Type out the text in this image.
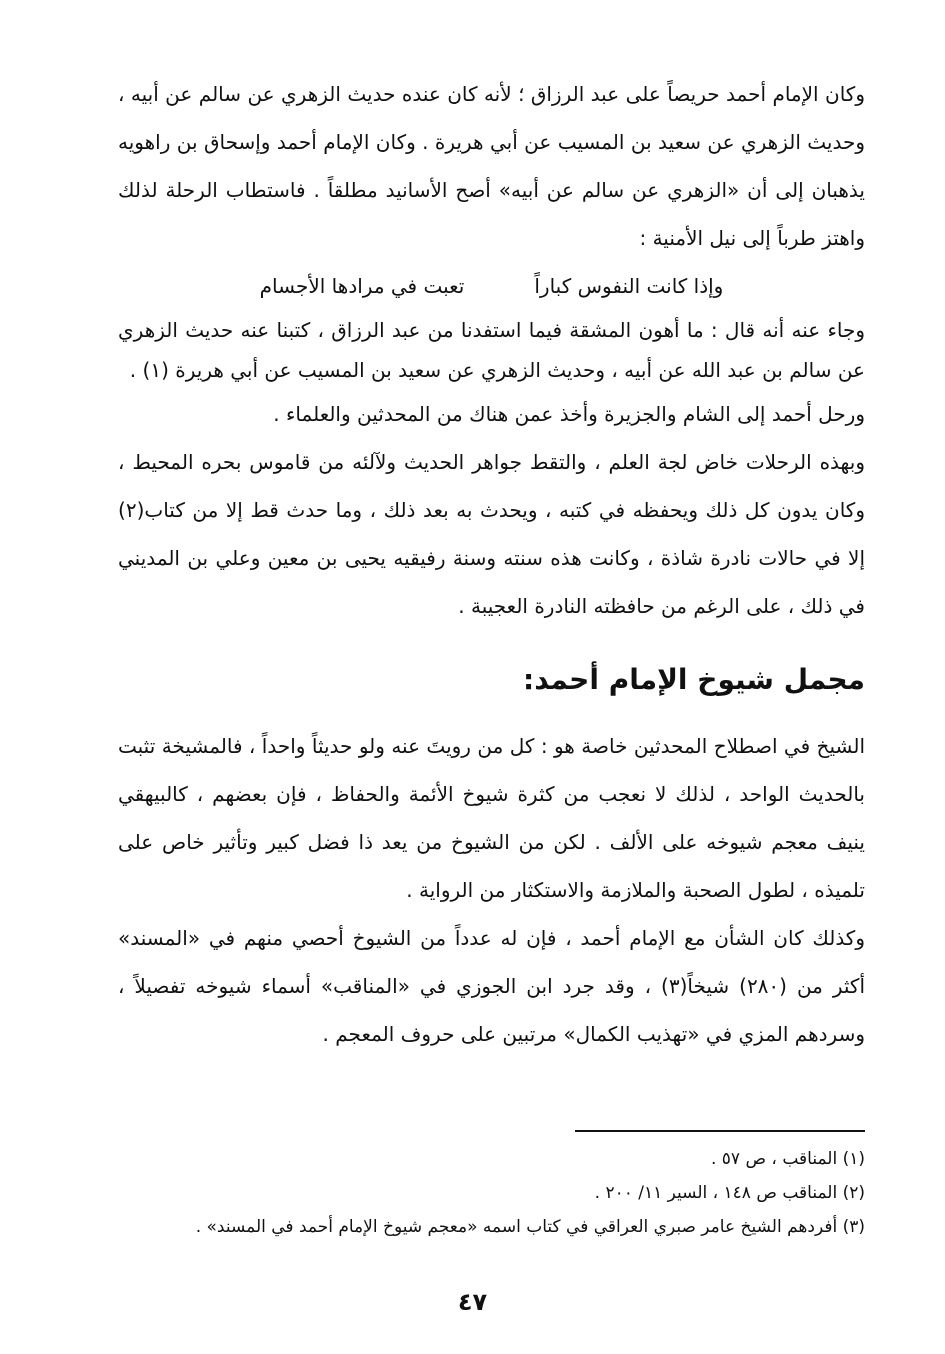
وكان الإمام أحمد حريصاً على عبد الرزاق ؛ لأنه كان عنده حديث الزهري عن سالم عن أبيه ، وحديث الزهري عن سعيد بن المسيب عن أبي هريرة . وكان الإمام أحمد وإسحاق بن راهويه يذهبان إلى أن «الزهري عن سالم عن أبيه» أصح الأسانيد مطلقاً . فاستطاب الرحلة لذلك واهتز طرباً إلى نيل الأمنية :

وإذا كانت النفوس كباراً
تعبت في مرادها الأجسام

وجاء عنه أنه قال : ما أهون المشقة فيما استفدنا من عبد الرزاق ، كتبنا عنه حديث الزهري عن سالم بن عبد الله عن أبيه ، وحديث الزهري عن سعيد بن المسيب عن أبي هريرة (١) .

ورحل أحمد إلى الشام والجزيرة وأخذ عمن هناك من المحدثين والعلماء .

وبهذه الرحلات خاض لجة العلم ، والتقط جواهر الحديث ولآلئه من قاموس بحره المحيط ، وكان يدون كل ذلك ويحفظه في كتبه ، ويحدث به بعد ذلك ، وما حدث قط إلا من كتاب(٢) إلا في حالات نادرة شاذة ، وكانت هذه سنته وسنة رفيقيه يحيى بن معين وعلي بن المديني في ذلك ، على الرغم من حافظته النادرة العجيبة .

مجمل شيوخ الإمام أحمد:

الشيخ في اصطلاح المحدثين خاصة هو : كل من رويتَ عنه ولو حديثاً واحداً ، فالمشيخة تثبت بالحديث الواحد ، لذلك لا نعجب من كثرة شيوخ الأئمة والحفاظ ، فإن بعضهم ، كالبيهقي ينيف معجم شيوخه على الألف . لكن من الشيوخ من يعد ذا فضل كبير وتأثير خاص على تلميذه ، لطول الصحبة والملازمة والاستكثار من الرواية .

وكذلك كان الشأن مع الإمام أحمد ، فإن له عدداً من الشيوخ أحصي منهم في «المسند» أكثر من (٢٨٠) شيخاً(٣) ، وقد جرد ابن الجوزي في «المناقب» أسماء شيوخه تفصيلاً ، وسردهم المزي في «تهذيب الكمال» مرتبين على حروف المعجم .

(١) المناقب ، ص ٥٧ .
(٢) المناقب ص ١٤٨ ، السير ١١/ ٢٠٠ .
(٣) أفردهم الشيخ عامر صبري العراقي في كتاب اسمه «معجم شيوخ الإمام أحمد في المسند» .
٤٧
